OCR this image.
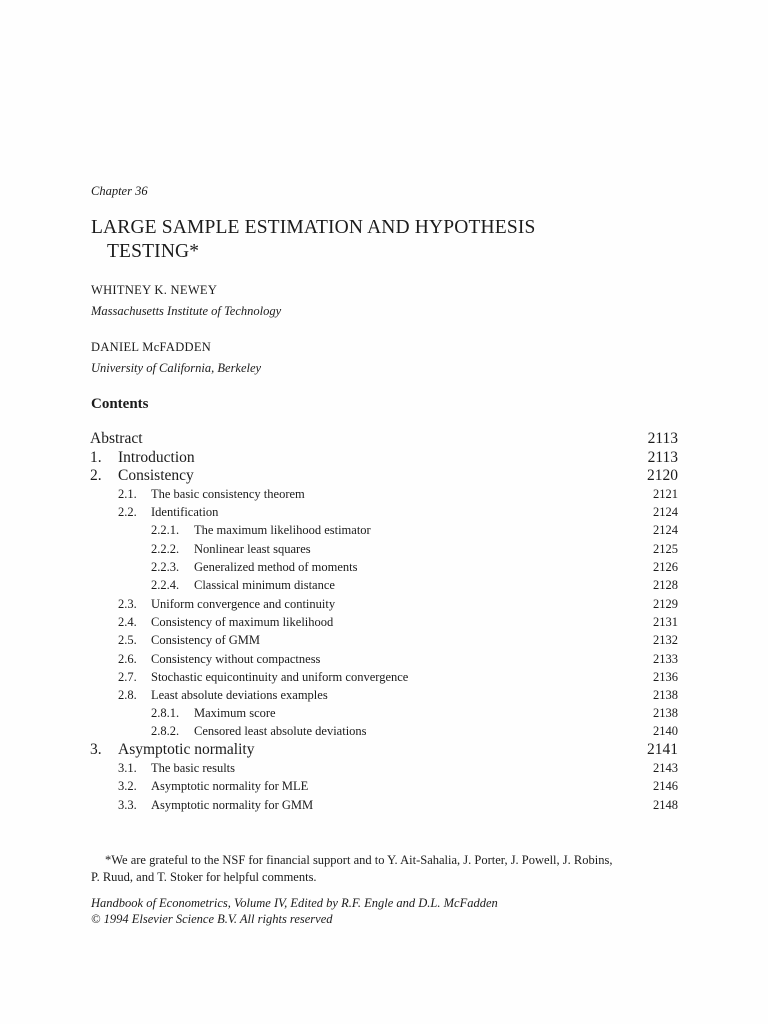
Chapter 36
LARGE SAMPLE ESTIMATION AND HYPOTHESIS
TESTING*
WHITNEY K. NEWEY
Massachusetts Institute of Technology
DANIEL McFADDEN
University of California, Berkeley
Contents
Abstract	2113
1. Introduction	2113
2. Consistency	2120
2.1. The basic consistency theorem	2121
2.2. Identification	2124
2.2.1. The maximum likelihood estimator	2124
2.2.2. Nonlinear least squares	2125
2.2.3. Generalized method of moments	2126
2.2.4. Classical minimum distance	2128
2.3. Uniform convergence and continuity	2129
2.4. Consistency of maximum likelihood	2131
2.5. Consistency of GMM	2132
2.6. Consistency without compactness	2133
2.7. Stochastic equicontinuity and uniform convergence	2136
2.8. Least absolute deviations examples	2138
2.8.1. Maximum score	2138
2.8.2. Censored least absolute deviations	2140
3. Asymptotic normality	2141
3.1. The basic results	2143
3.2. Asymptotic normality for MLE	2146
3.3. Asymptotic normality for GMM	2148
*We are grateful to the NSF for financial support and to Y. Ait-Sahalia, J. Porter, J. Powell, J. Robins,
P. Ruud, and T. Stoker for helpful comments.
Handbook of Econometrics, Volume IV, Edited by R.F. Engle and D.L. McFadden
© 1994 Elsevier Science B.V. All rights reserved
